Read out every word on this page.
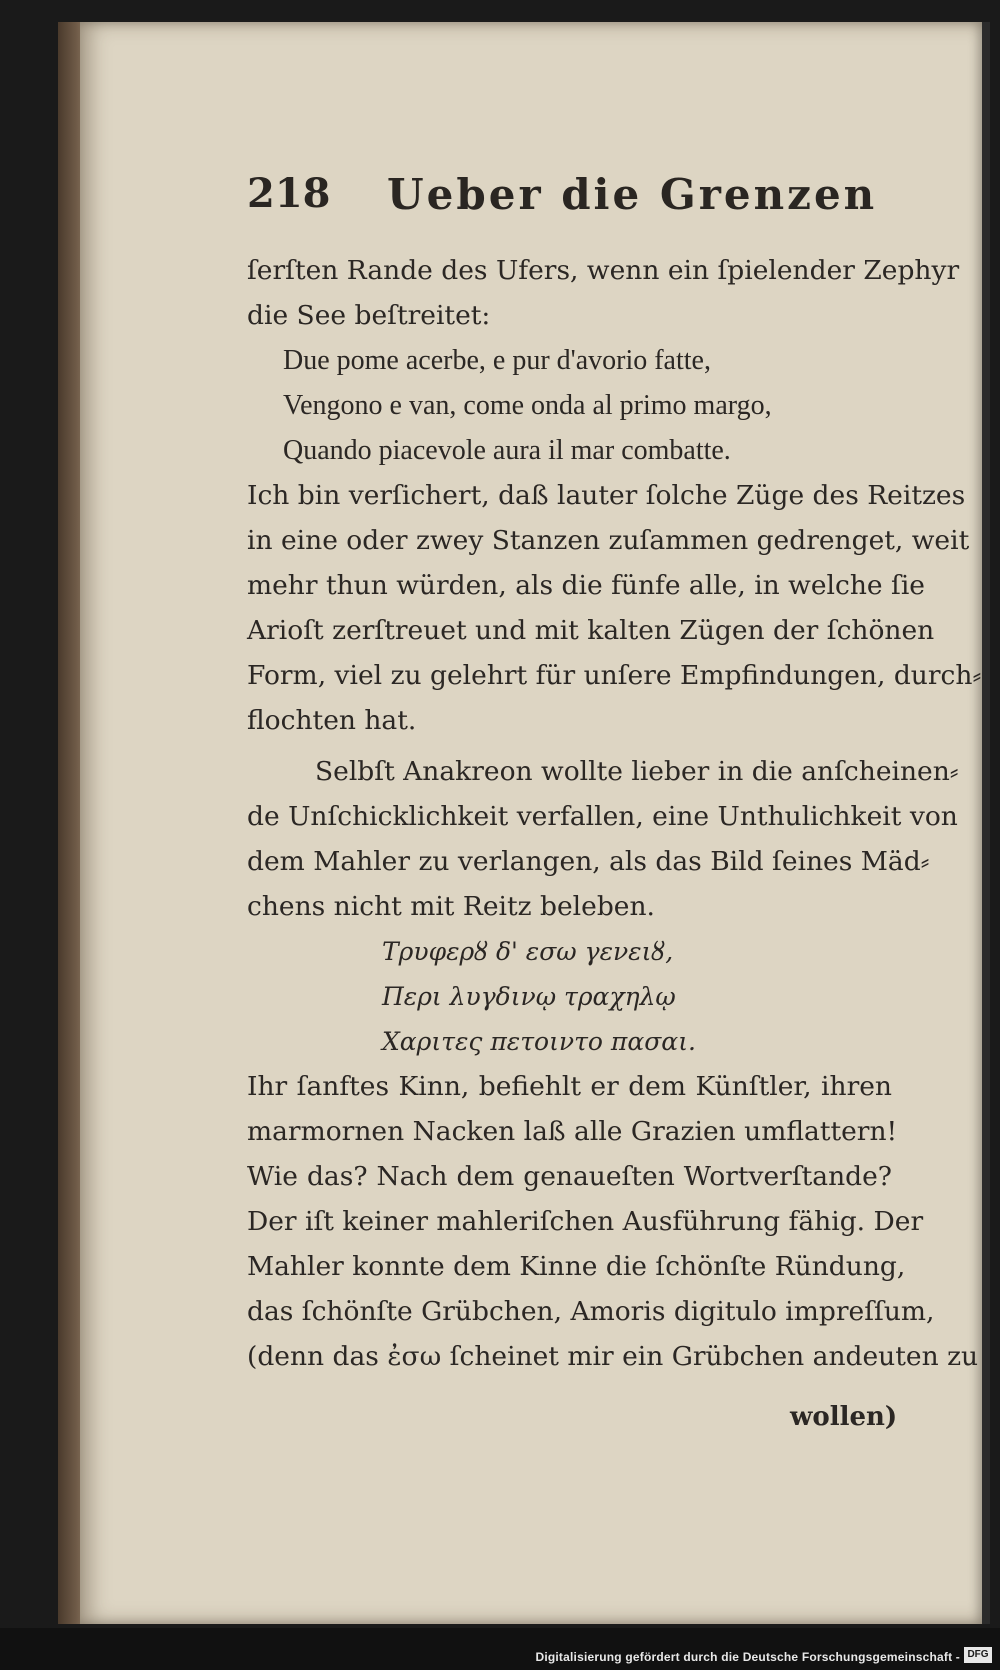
218 Ueber die Grenzen
ſerſten Rande des Ufers, wenn ein ſpielender Zephyr
die See beſtreitet:
Due pome acerbe, e pur d'avorio fatte,
Vengono e van, come onda al primo margo,
Quando piacevole aura il mar combatte.
Ich bin verſichert, daß lauter ſolche Züge des Reitzes
in eine oder zwey Stanzen zuſammen gedrenget, weit
mehr thun würden, als die fünfe alle, in welche ſie
Arioſt zerſtreuet und mit kalten Zügen der ſchönen
Form, viel zu gelehrt für unſere Empfindungen, durch⸗
flochten hat.
Selbſt Anakreon wollte lieber in die anſcheinen⸗
de Unſchicklichkeit verfallen, eine Unthulichkeit von
dem Mahler zu verlangen, als das Bild ſeines Mäd⸗
chens nicht mit Reitz beleben.
Τρυφερȣ δ' εσω γενειȣ,
Περι λυγδινῳ τραχηλῳ
Χαριτες πετοιντο πασαι.
Ihr ſanftes Kinn, befiehlt er dem Künſtler, ihren
marmornen Nacken laß alle Grazien umflattern!
Wie das? Nach dem genaueſten Wortverſtande?
Der iſt keiner mahleriſchen Ausführung fähig. Der
Mahler konnte dem Kinne die ſchönſte Ründung,
das ſchönſte Grübchen, Amoris digitulo impreſſum,
(denn das ἐσω ſcheinet mir ein Grübchen andeuten zu
wollen)
Digitalisierung gefördert durch die Deutsche Forschungsgemeinschaft - DFG
